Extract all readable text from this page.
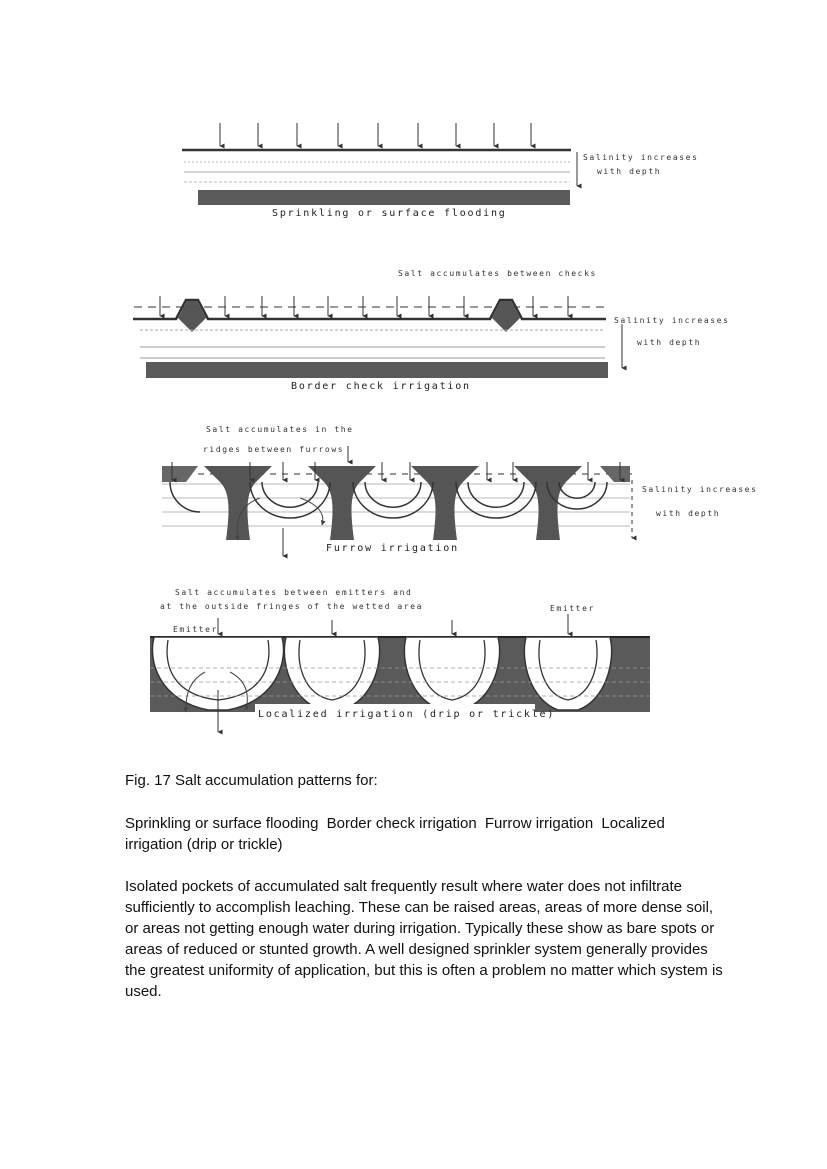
Sprinkling or surface flooding
Salinity increases
with depth
Salt accumulates between checks
Border check irrigation
Salinity increases
with depth
Salt accumulates in the
ridges between furrows
Furrow irrigation
Salinity increases
with depth
Salt accumulates between emitters and
at the outside fringes of the wetted area
Emitter
Emitter
Localized irrigation (drip or trickle)
Fig. 17 Salt accumulation patterns for:
Sprinkling or surface flooding Border check irrigation Furrow irrigation Localized irrigation (drip or trickle)
Isolated pockets of accumulated salt frequently result where water does not infiltrate sufficiently to accomplish leaching. These can be raised areas, areas of more dense soil, or areas not getting enough water during irrigation. Typically these show as bare spots or areas of reduced or stunted growth. A well designed sprinkler system generally provides the greatest uniformity of application, but this is often a problem no matter which system is used.
